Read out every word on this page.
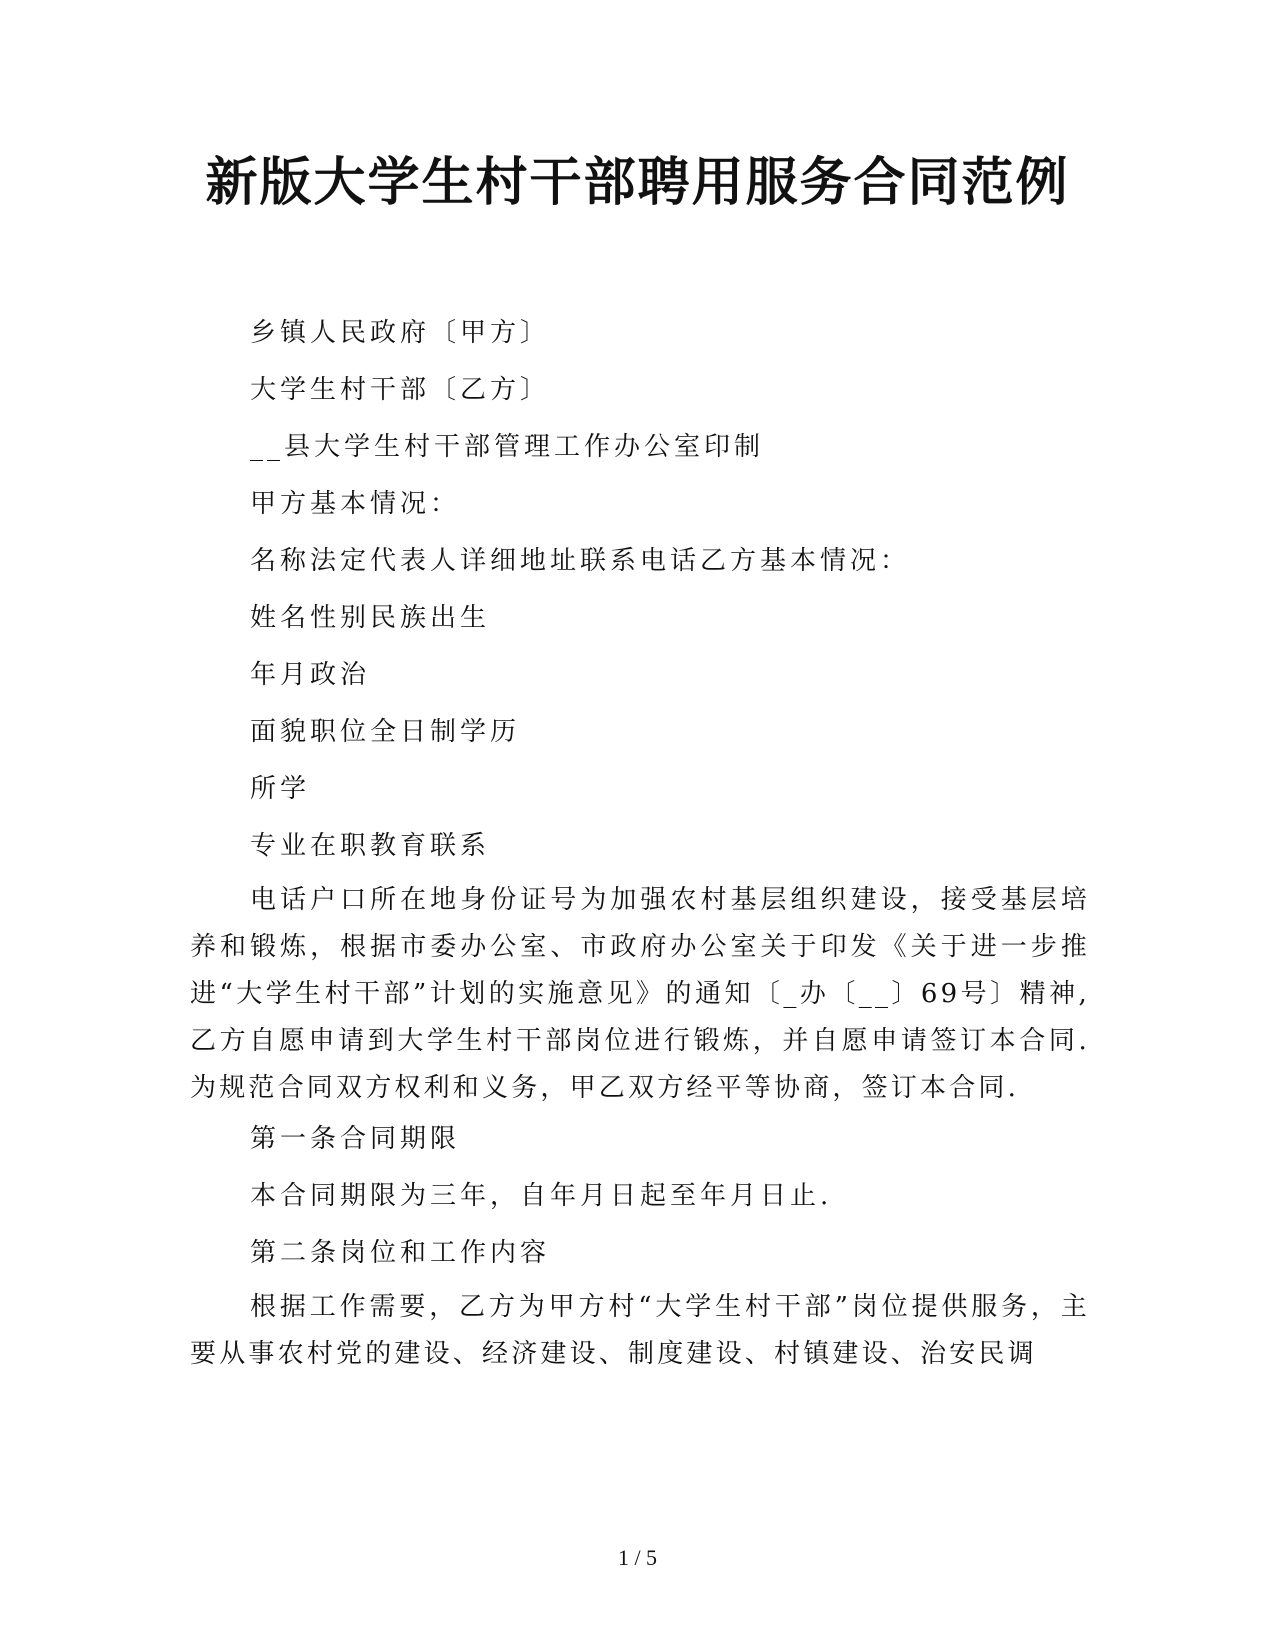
新版大学生村干部聘用服务合同范例

乡镇人民政府〔甲方〕

大学生村干部〔乙方〕

__县大学生村干部管理工作办公室印制

甲方基本情况：

名称法定代表人详细地址联系电话乙方基本情况：

姓名性别民族出生

年月政治

面貌职位全日制学历

所学

专业在职教育联系

电话户口所在地身份证号为加强农村基层组织建设，接受基层培养和锻炼，根据市委办公室、市政府办公室关于印发《关于进一步推进“大学生村干部”计划的实施意见》的通知〔_办〔__〕69号〕精神,乙方自愿申请到大学生村干部岗位进行锻炼，并自愿申请签订本合同.为规范合同双方权利和义务，甲乙双方经平等协商，签订本合同.

第一条合同期限

本合同期限为三年，自年月日起至年月日止.

第二条岗位和工作内容

根据工作需要，乙方为甲方村“大学生村干部”岗位提供服务，主要从事农村党的建设、经济建设、制度建设、村镇建设、治安民调

1 / 5
